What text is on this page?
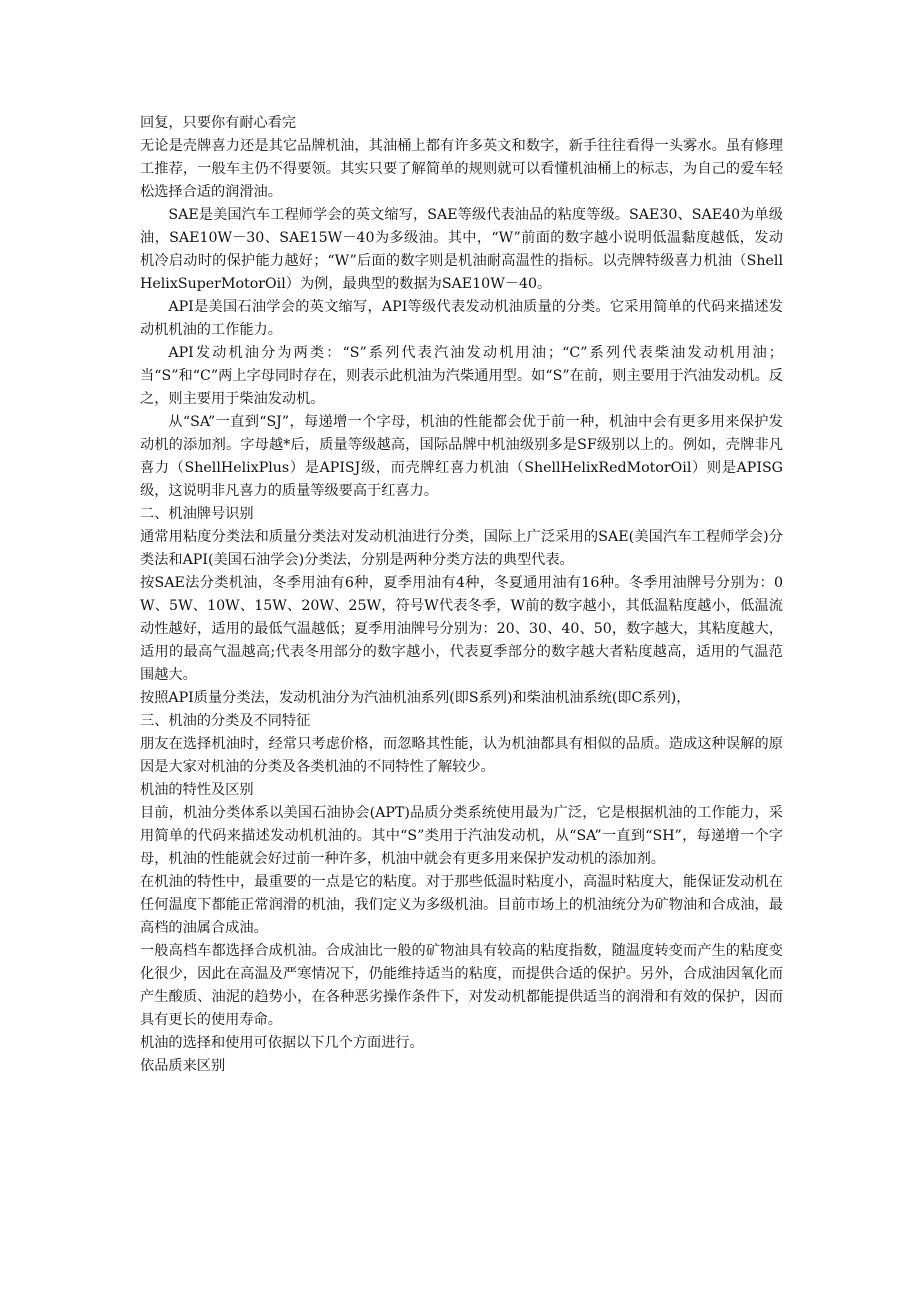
回复，只要你有耐心看完

无论是壳牌喜力还是其它品牌机油，其油桶上都有许多英文和数字，新手往往看得一头雾水。虽有修理工推荐，一般车主仍不得要领。其实只要了解简单的规则就可以看懂机油桶上的标志，为自己的爱车轻松选择合适的润滑油。

SAE是美国汽车工程师学会的英文缩写，SAE等级代表油品的粘度等级。SAE30、SAE40为单级油，SAE10W－30、SAE15W－40为多级油。其中，“W”前面的数字越小说明低温黏度越低，发动机冷启动时的保护能力越好；“W”后面的数字则是机油耐高温性的指标。以壳牌特级喜力机油（ShellHelixSuperMotorOil）为例，最典型的数据为SAE10W－40。

API是美国石油学会的英文缩写，API等级代表发动机油质量的分类。它采用简单的代码来描述发动机机油的工作能力。

API发动机油分为两类：“S”系列代表汽油发动机用油；“C”系列代表柴油发动机用油；当“S”和“C”两上字母同时存在，则表示此机油为汽柴通用型。如“S”在前，则主要用于汽油发动机。反之，则主要用于柴油发动机。

从“SA”一直到“SJ”，每递增一个字母，机油的性能都会优于前一种，机油中会有更多用来保护发动机的添加剂。字母越*后，质量等级越高，国际品牌中机油级别多是SF级别以上的。例如，壳牌非凡喜力（ShellHelixPlus）是APISJ级，而壳牌红喜力机油（ShellHelixRedMotorOil）则是APISG级，这说明非凡喜力的质量等级要高于红喜力。

二、机油牌号识别

通常用粘度分类法和质量分类法对发动机油进行分类，国际上广泛采用的SAE(美国汽车工程师学会)分类法和API(美国石油学会)分类法，分别是两种分类方法的典型代表。

按SAE法分类机油，冬季用油有6种，夏季用油有4种，冬夏通用油有16种。冬季用油牌号分别为：0W、5W、10W、15W、20W、25W，符号W代表冬季，W前的数字越小，其低温粘度越小，低温流动性越好，适用的最低气温越低；夏季用油牌号分别为：20、30、40、50，数字越大，其粘度越大，适用的最高气温越高;代表冬用部分的数字越小，代表夏季部分的数字越大者粘度越高，适用的气温范围越大。

按照API质量分类法，发动机油分为汽油机油系列(即S系列)和柴油机油系统(即C系列)，

三、机油的分类及不同特征

朋友在选择机油时，经常只考虑价格，而忽略其性能，认为机油都具有相似的品质。造成这种误解的原因是大家对机油的分类及各类机油的不同特性了解较少。

机油的特性及区别

目前，机油分类体系以美国石油协会(APT)品质分类系统使用最为广泛，它是根据机油的工作能力，采用简单的代码来描述发动机机油的。其中“S”类用于汽油发动机，从“SA”一直到“SH”，每递增一个字母，机油的性能就会好过前一种许多，机油中就会有更多用来保护发动机的添加剂。

在机油的特性中，最重要的一点是它的粘度。对于那些低温时粘度小，高温时粘度大，能保证发动机在任何温度下都能正常润滑的机油，我们定义为多级机油。目前市场上的机油统分为矿物油和合成油，最高档的油属合成油。

一般高档车都选择合成机油。合成油比一般的矿物油具有较高的粘度指数，随温度转变而产生的粘度变化很少，因此在高温及严寒情况下，仍能维持适当的粘度，而提供合适的保护。另外，合成油因氧化而产生酸质、油泥的趋势小，在各种恶劣操作条件下，对发动机都能提供适当的润滑和有效的保护，因而具有更长的使用寿命。

机油的选择和使用可依据以下几个方面进行。

依品质来区别
